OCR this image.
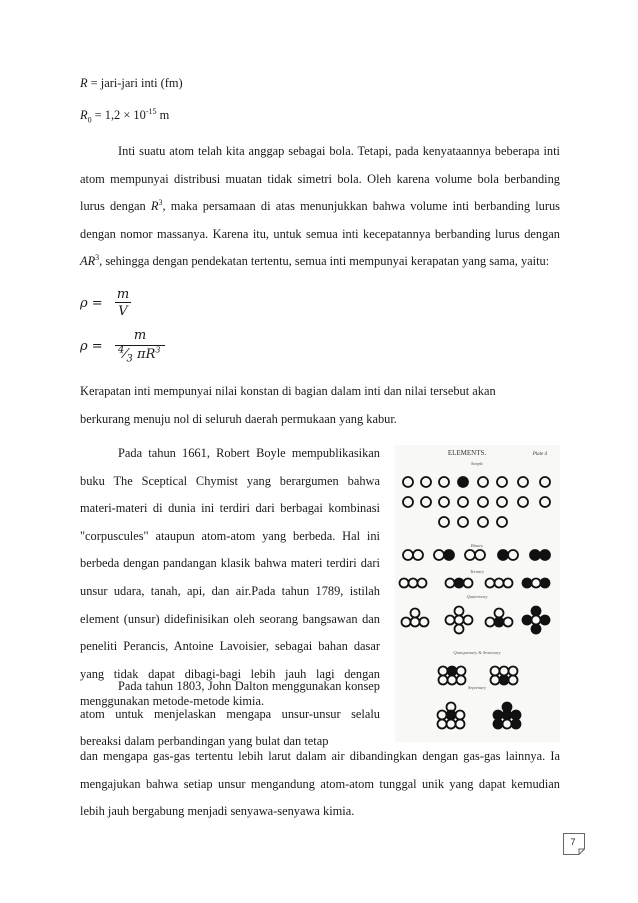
R = jari-jari inti (fm)

$R_0 = 1,2 \times 10^{-15}$ m

Inti suatu atom telah kita anggap sebagai bola. Tetapi, pada kenyataannya beberapa inti atom mempunyai distribusi muatan tidak simetri bola. Oleh karena volume bola berbanding lurus dengan $R^3$, maka persamaan di atas menunjukkan bahwa volume inti berbanding lurus dengan nomor massanya. Karena itu, untuk semua inti kecepatannya berbanding lurus dengan $AR^3$, sehingga dengan pendekatan tertentu, semua inti mempunyai kerapatan yang sama, yaitu:

ρ =
m
V
ρ =
m
$^4⁄_3$ $\pi R^3$

Kerapatan inti mempunyai nilai konstan di bagian dalam inti dan nilai tersebut akan berkurang menuju nol di seluruh daerah permukaan yang kabur.

Pada tahun 1661, Robert Boyle mempublikasikan buku The Sceptical Chymist yang berargumen bahwa materi-materi di dunia ini terdiri dari berbagai kombinasi "corpuscules" ataupun atom-atom yang berbeda. Hal ini berbeda dengan pandangan klasik bahwa materi terdiri dari unsur udara, tanah, api, dan air.Pada tahun 1789, istilah element (unsur) didefinisikan oleh seorang bangsawan dan peneliti Perancis, Antoine Lavoisier, sebagai bahan dasar yang tidak dapat dibagi-bagi lebih jauh lagi dengan menggunakan metode-metode kimia.

Pada tahun 1803, John Dalton menggunakan konsep atom untuk menjelaskan mengapa unsur-unsur selalu bereaksi dalam perbandingan yang bulat dan tetap

dan mengapa gas-gas tertentu lebih larut dalam air dibandingkan dengan gas-gas lainnya. Ia mengajukan bahwa setiap unsur mengandung atom-atom tunggal unik yang dapat kemudian lebih jauh bergabung menjadi senyawa-senyawa kimia.

ELEMENTS.	Plate 4
Simple
Binary
Ternary
Quaternary
Quinquenary & Sextenary
Septenary
7
